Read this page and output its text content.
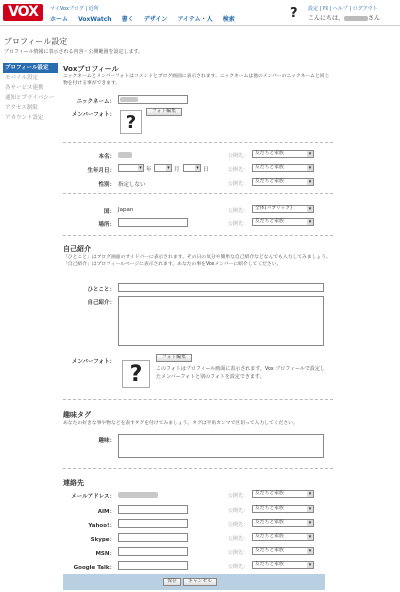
VOX	マイVoxブログ | 近所
ホーム VoxWatch 書く デザイン アイテム・人 検索	?	設定 | ㏚ | ヘルプ | ログアウト
こんにちは、	さん
プロフィール設定
プロフィール情報に表示される内容・公開範囲を設定します。
プロフィール設定
モバイル設定
各サービス連携
通知とプライバシー
アクセス制限
アカウント設定
Voxプロフィール
ニックネームとメンバーフォトはコメントとブログ画面に表示されます。ニックネームは他のメンバーのニックネームと同じ物を付ける事ができます。
ニックネーム：
メンバーフォト： ?
フォト編集
本名：	公開先：	友だちと家族 ▾
生年月日： ▾	年 ▾	月 ▾	日	公開先：	友だちと家族 ▾
性別： 指定しない	公開先：	友だちと家族 ▾
国： Japan	公開先：	全体(パブリック) ▾
場所：	公開先：	友だちと家族 ▾
自己紹介
「ひとこと」はブログ画面のサイドバーに表示されます。その日の気分や簡単な自己紹介などなんでも入力してみましょう。「自己紹介」はプロフィールページに表示されます。あなたの事をVoxメンバーに紹介してください。
ひとこと：
自己紹介：
メンバーフォト： ?
フォト編集
このフォトはプロフィール画面に表示されます。Vox プロフィールで設定したメンバーフォトと別のフォトを設定できます。
趣味タグ
あなたの好きな事や物などを表すタグを付けてみましょう。タグは半角カンマで区切って入力してください。
趣味：
連絡先
メールアドレス：	公開先：	友だちと家族 ▾
AIM：	公開先：	友だちと家族 ▾
Yahoo!：	公開先：	友だちと家族 ▾
Skype：	公開先：	友だちと家族 ▾
MSN：	公開先：	友だちと家族 ▾
Google Talk：	公開先：	友だちと家族 ▾
保存	キャンセル
